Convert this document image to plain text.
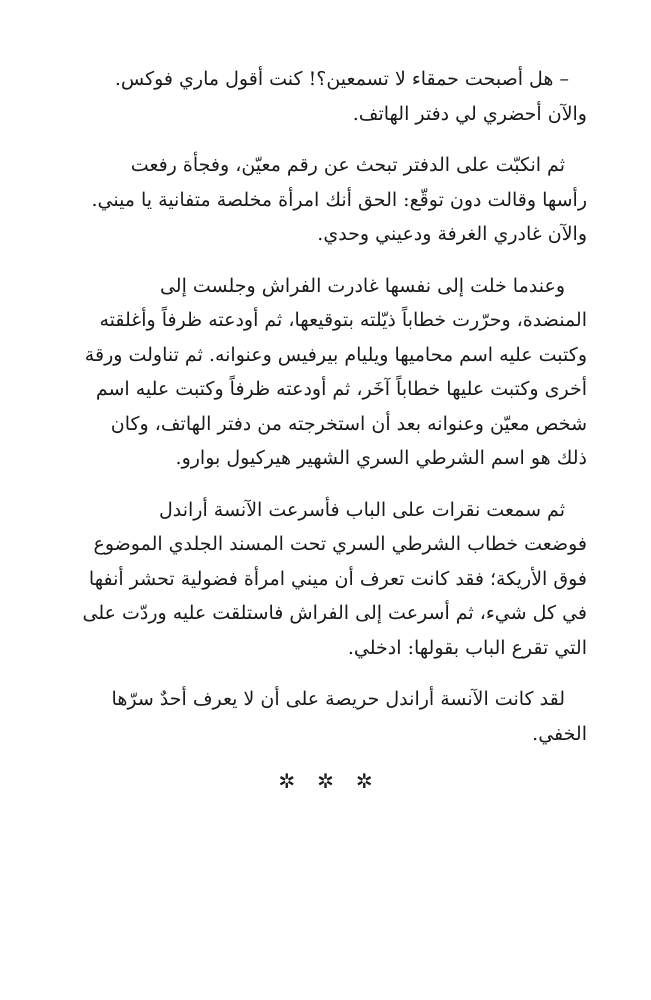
– هل أصبحت حمقاء لا تسمعين؟! كنت أقول ماري فوكس.
والآن أحضري لي دفتر الهاتف.

ثم انكبّت على الدفتر تبحث عن رقم معيّن، وفجأة رفعت
رأسها وقالت دون توقّع: الحق أنك امرأة مخلصة متفانية يا ميني.
والآن غادري الغرفة ودعيني وحدي.

وعندما خلت إلى نفسها غادرت الفراش وجلست إلى
المنضدة، وحرّرت خطاباً ذيّلته بتوقيعها، ثم أودعته ظرفاً وأغلقته
وكتبت عليه اسم محاميها ويليام بيرفيس وعنوانه. ثم تناولت ورقة
أخرى وكتبت عليها خطاباً آخَر، ثم أودعته ظرفاً وكتبت عليه اسم
شخص معيّن وعنوانه بعد أن استخرجته من دفتر الهاتف، وكان
ذلك هو اسم الشرطي السري الشهير هيركيول بوارو.

ثم سمعت نقرات على الباب فأسرعت الآنسة أراندل
فوضعت خطاب الشرطي السري تحت المسند الجلدي الموضوع
فوق الأريكة؛ فقد كانت تعرف أن ميني امرأة فضولية تحشر أنفها
في كل شيء، ثم أسرعت إلى الفراش فاستلقت عليه وردّت على
التي تقرع الباب بقولها: ادخلي.

لقد كانت الآنسة أراندل حريصة على أن لا يعرف أحدٌ سرّها
الخفي.

✲✲✲
